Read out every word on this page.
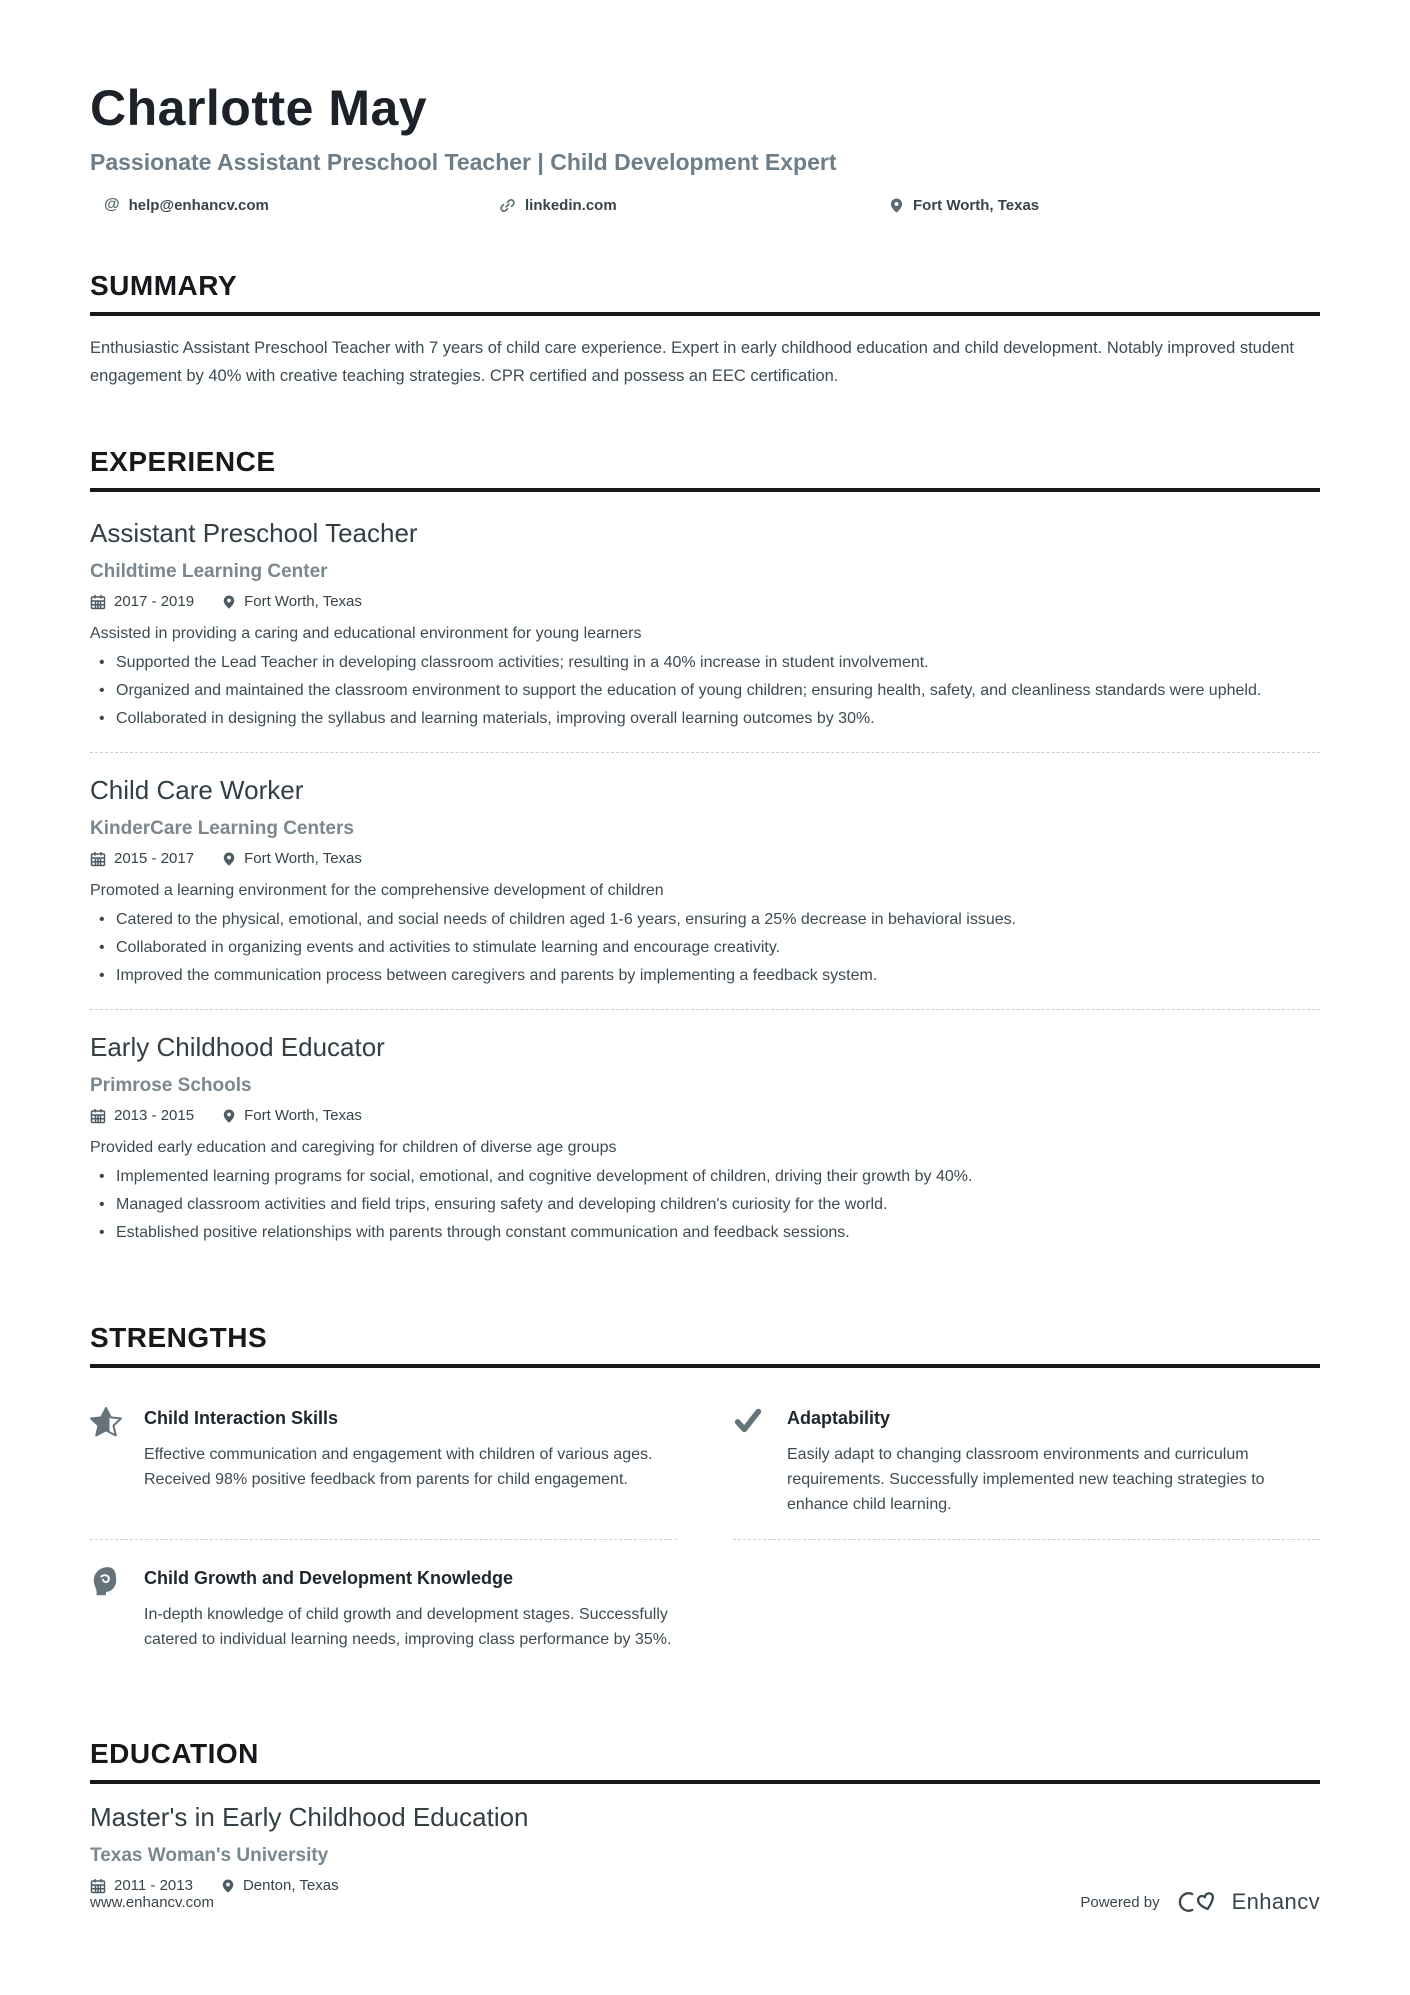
Charlotte May
Passionate Assistant Preschool Teacher | Child Development Expert
@ help@enhancv.com	linkedin.com	Fort Worth, Texas
SUMMARY

Enthusiastic Assistant Preschool Teacher with 7 years of child care experience. Expert in early childhood education and child development. Notably improved student engagement by 40% with creative teaching strategies. CPR certified and possess an EEC certification.

EXPERIENCE
Assistant Preschool Teacher
Childtime Learning Center
2017 - 2019	Fort Worth, Texas

Assisted in providing a caring and educational environment for young learners

• Supported the Lead Teacher in developing classroom activities; resulting in a 40% increase in student involvement.
• Organized and maintained the classroom environment to support the education of young children; ensuring health, safety, and cleanliness standards were upheld.
• Collaborated in designing the syllabus and learning materials, improving overall learning outcomes by 30%.
Child Care Worker
KinderCare Learning Centers
2015 - 2017	Fort Worth, Texas

Promoted a learning environment for the comprehensive development of children

• Catered to the physical, emotional, and social needs of children aged 1-6 years, ensuring a 25% decrease in behavioral issues.
• Collaborated in organizing events and activities to stimulate learning and encourage creativity.
• Improved the communication process between caregivers and parents by implementing a feedback system.
Early Childhood Educator
Primrose Schools
2013 - 2015	Fort Worth, Texas

Provided early education and caregiving for children of diverse age groups

• Implemented learning programs for social, emotional, and cognitive development of children, driving their growth by 40%.
• Managed classroom activities and field trips, ensuring safety and developing children's curiosity for the world.
• Established positive relationships with parents through constant communication and feedback sessions.
STRENGTHS
Child Interaction Skills
Effective communication and engagement with children of various ages. Received 98% positive feedback from parents for child engagement.
Adaptability
Easily adapt to changing classroom environments and curriculum requirements. Successfully implemented new teaching strategies to enhance child learning.
Child Growth and Development Knowledge
In-depth knowledge of child growth and development stages. Successfully catered to individual learning needs, improving class performance by 35%.
EDUCATION
Master's in Early Childhood Education
Texas Woman's University
2011 - 2013	Denton, Texas
www.enhancv.com	Powered by	Enhancv
